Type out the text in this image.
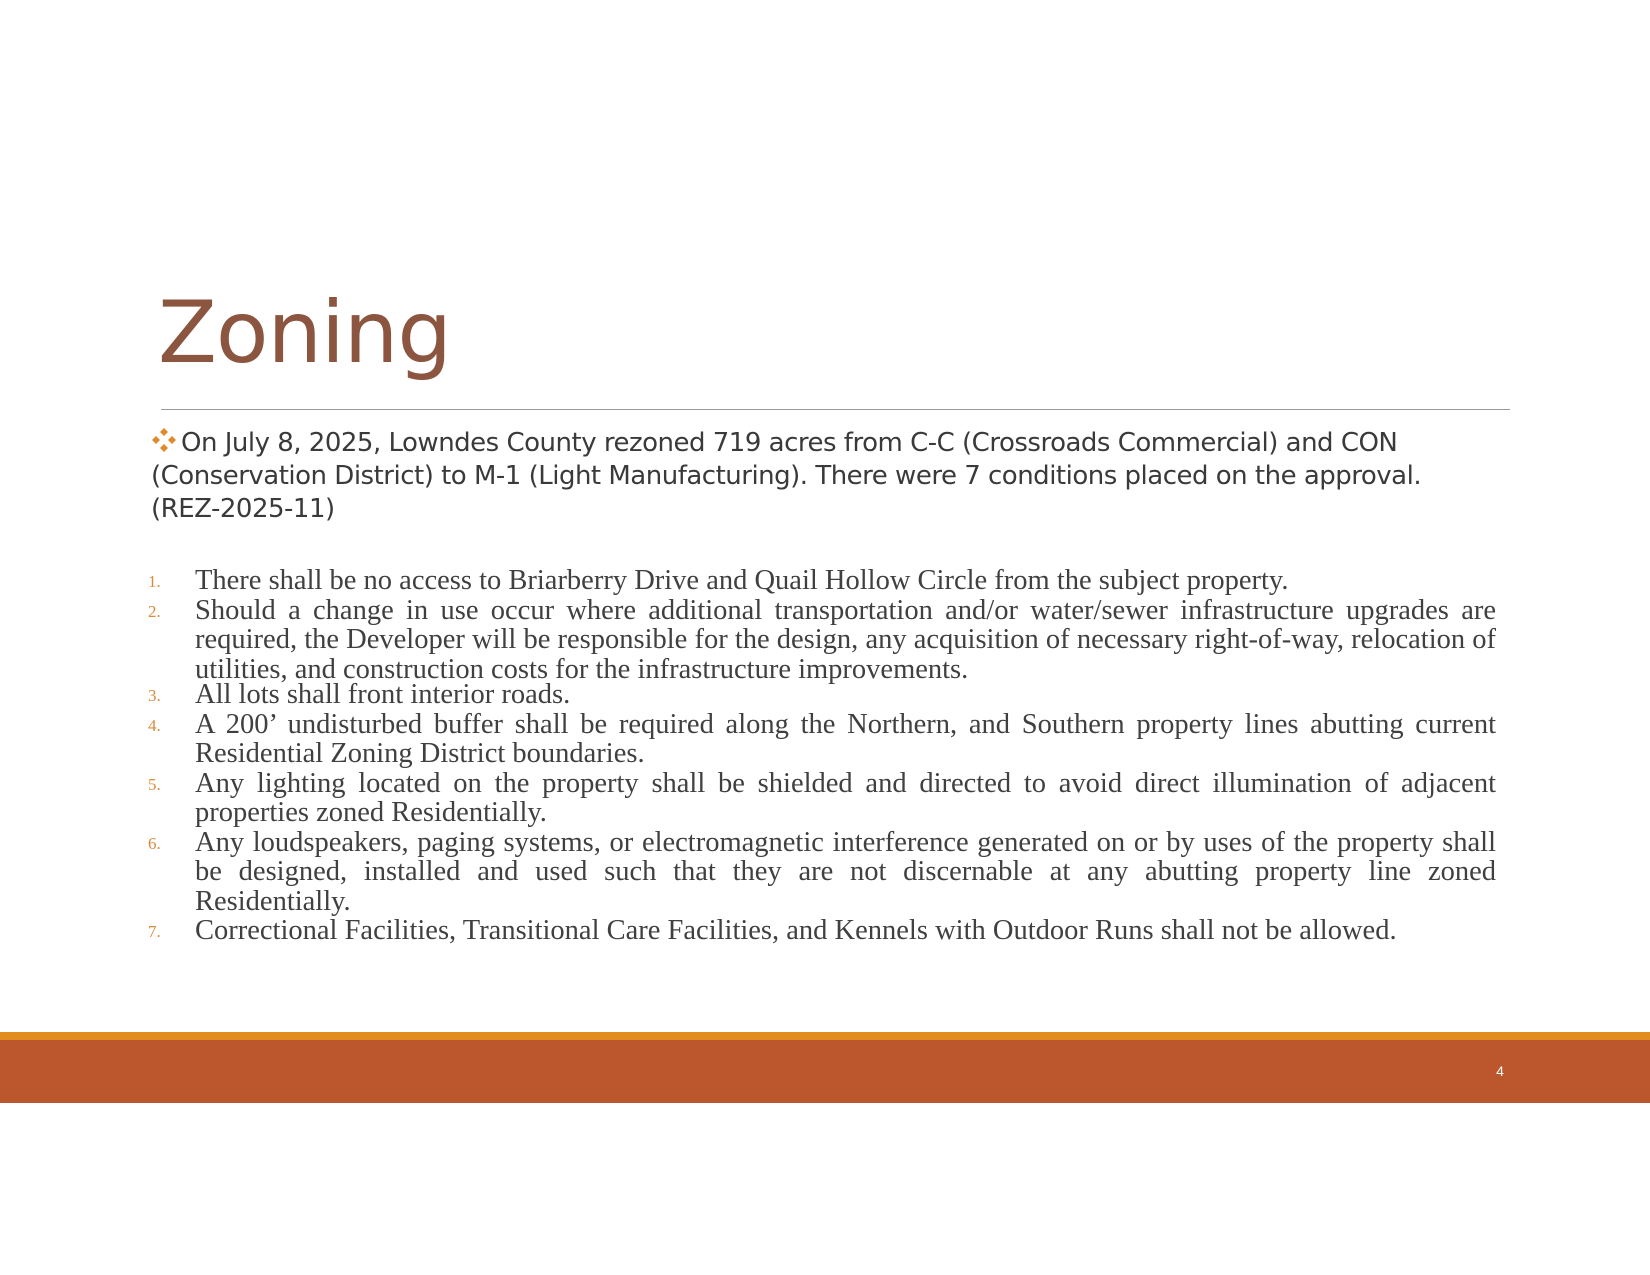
Zoning

On July 8, 2025, Lowndes County rezoned 719 acres from C-C (Crossroads Commercial) and CON (Conservation District) to M-1 (Light Manufacturing). There were 7 conditions placed on the approval. (REZ-2025-11)

1. There shall be no access to Briarberry Drive and Quail Hollow Circle from the subject property.
2. Should a change in use occur where additional transportation and/or water/sewer infrastructure upgrades are required, the Developer will be responsible for the design, any acquisition of necessary right-of-way, relocation of utilities, and construction costs for the infrastructure improvements.
3. All lots shall front interior roads.
4. A 200’ undisturbed buffer shall be required along the Northern, and Southern property lines abutting current Residential Zoning District boundaries.
5. Any lighting located on the property shall be shielded and directed to avoid direct illumination of adjacent properties zoned Residentially.
6. Any loudspeakers, paging systems, or electromagnetic interference generated on or by uses of the property shall be designed, installed and used such that they are not discernable at any abutting property line zoned Residentially.
7. Correctional Facilities, Transitional Care Facilities, and Kennels with Outdoor Runs shall not be allowed.
4
